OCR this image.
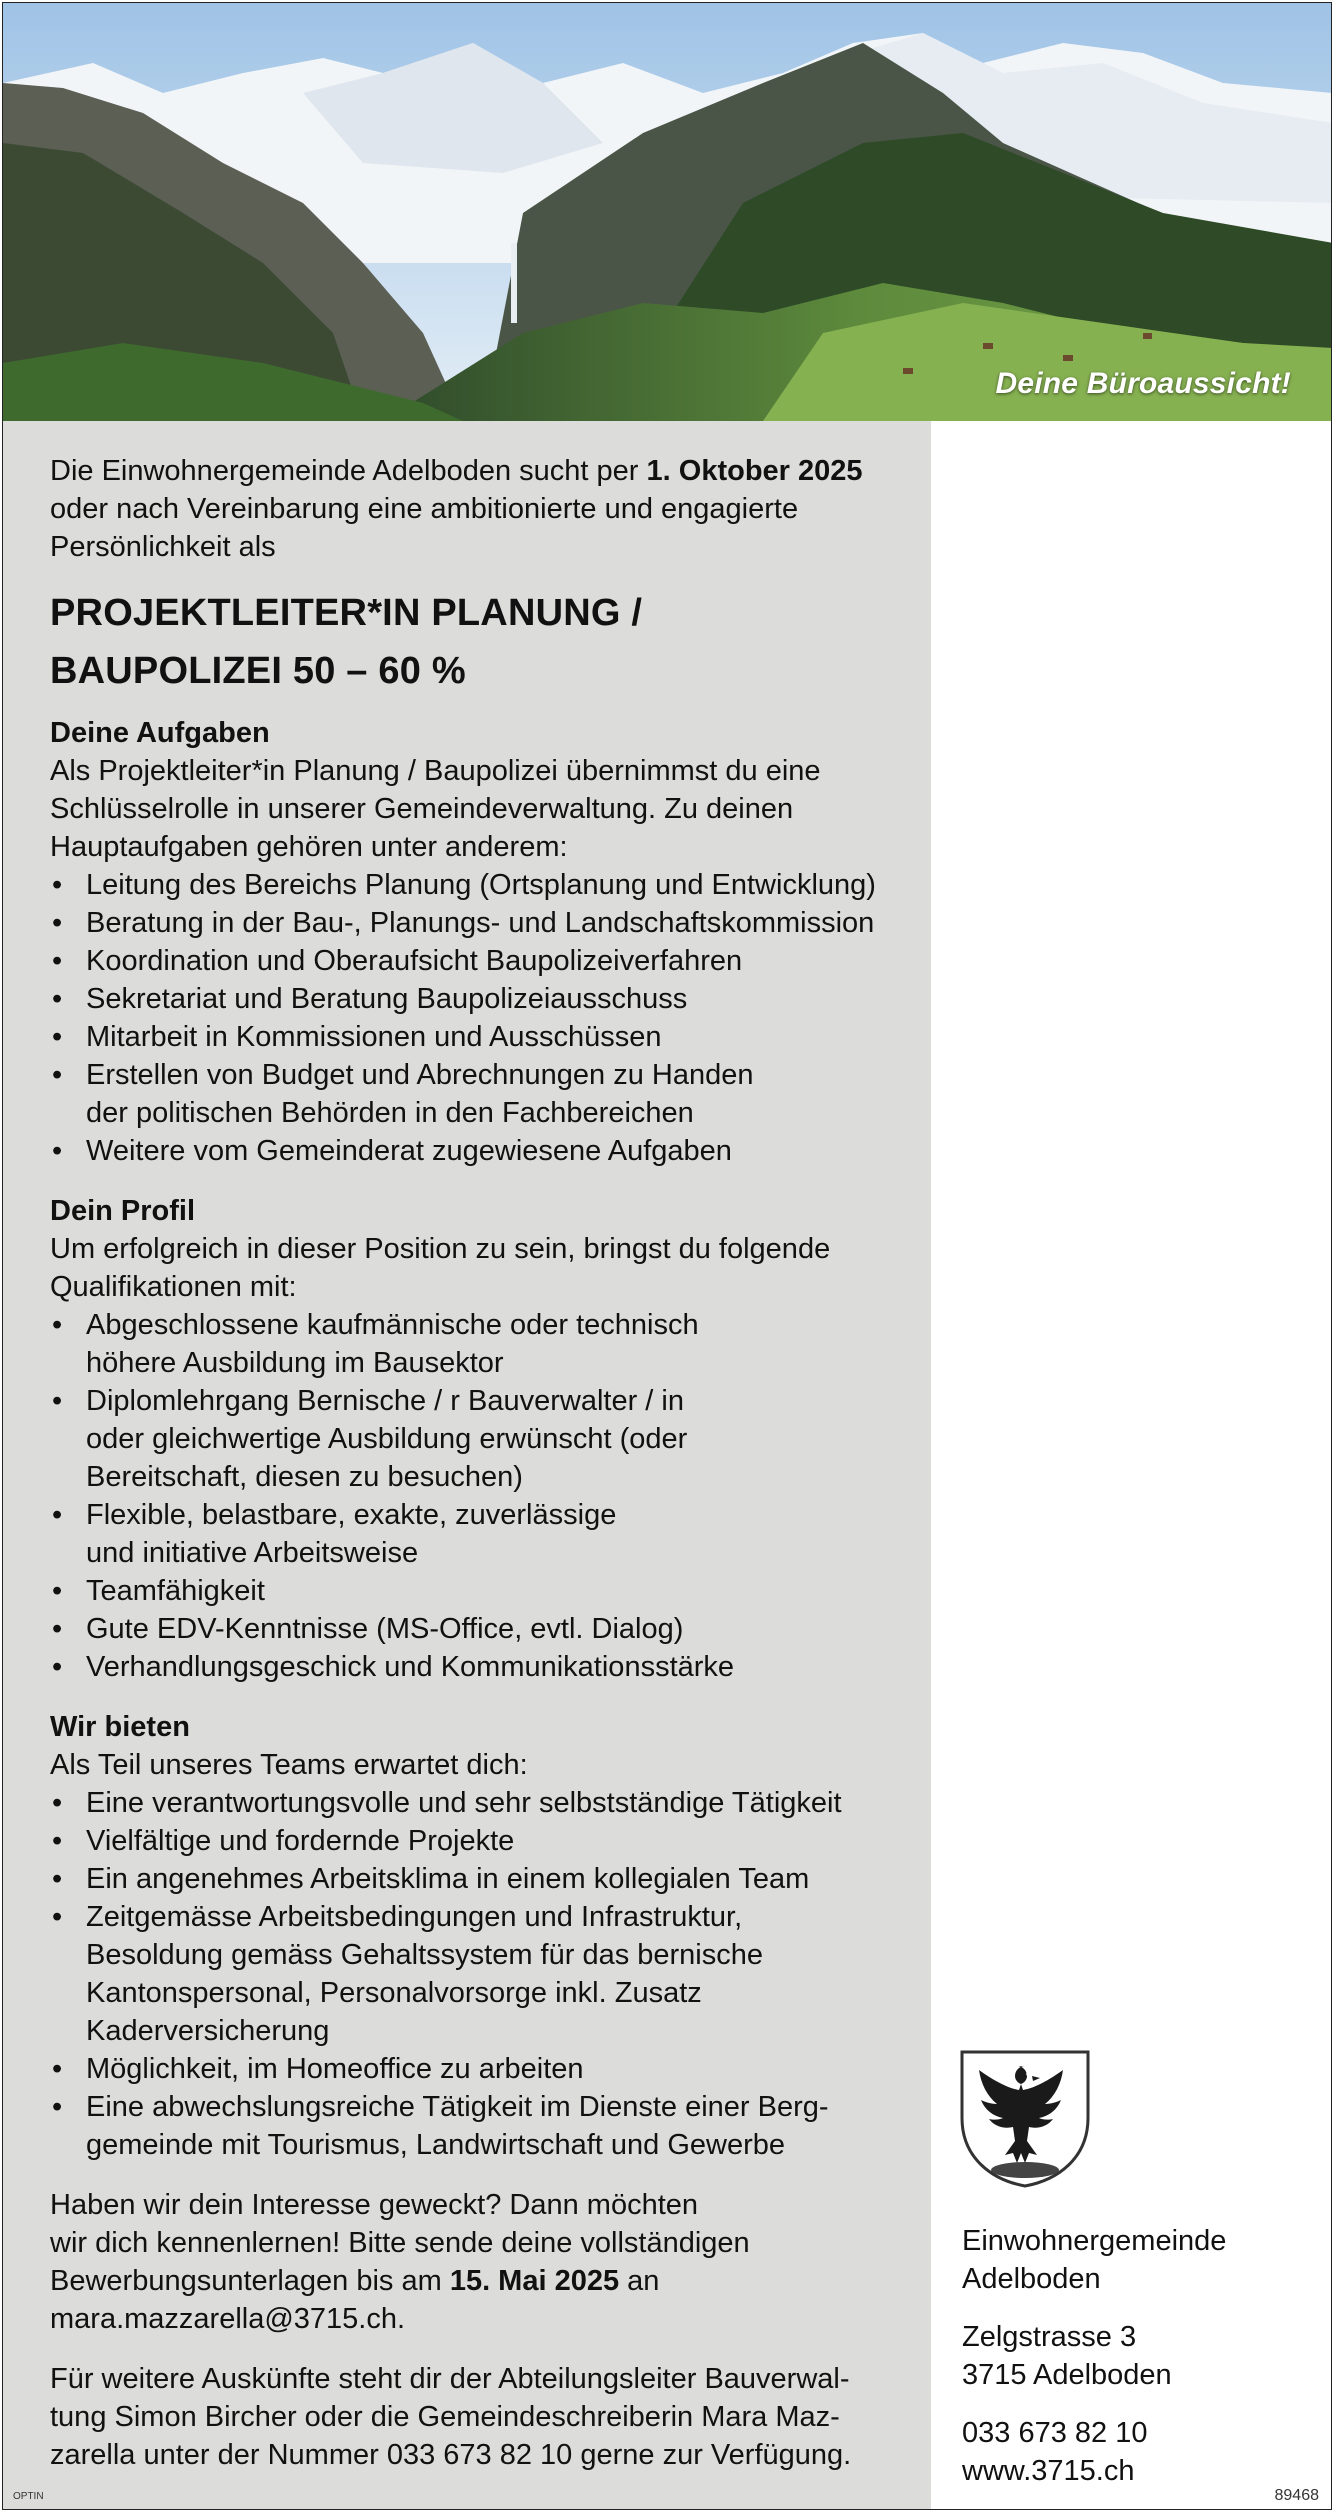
Deine Büroaussicht!
OPTIN	89468

Die Einwohnergemeinde Adelboden sucht per 1. Oktober 2025
oder nach Vereinbarung eine ambitionierte und engagierte
Persönlichkeit als

PROJEKTLEITER*IN PLANUNG /
BAUPOLIZEI 50 – 60 %

Deine Aufgaben

Als Projektleiter*in Planung / Baupolizei übernimmst du eine
Schlüsselrolle in unserer Gemeindeverwaltung. Zu deinen
Hauptaufgaben gehören unter anderem:
• Leitung des Bereichs Planung (Ortsplanung und Entwicklung)
• Beratung in der Bau-, Planungs- und Landschaftskommission
• Koordination und Oberaufsicht Baupolizeiverfahren
• Sekretariat und Beratung Baupolizeiausschuss
• Mitarbeit in Kommissionen und Ausschüssen
• Erstellen von Budget und Abrechnungen zu Handen
der politischen Behörden in den Fachbereichen
• Weitere vom Gemeinderat zugewiesene Aufgaben

Dein Profil

Um erfolgreich in dieser Position zu sein, bringst du folgende
Qualifikationen mit:
• Abgeschlossene kaufmännische oder technisch
höhere Ausbildung im Bausektor
• Diplomlehrgang Bernische / r Bauverwalter / in
oder gleichwertige Ausbildung erwünscht (oder
Bereitschaft, diesen zu besuchen)
• Flexible, belastbare, exakte, zuverlässige
und initiative Arbeitsweise
• Teamfähigkeit
• Gute EDV-Kenntnisse (MS-Office, evtl. Dialog)
• Verhandlungsgeschick und Kommunikationsstärke

Wir bieten

Als Teil unseres Teams erwartet dich:
• Eine verantwortungsvolle und sehr selbstständige Tätigkeit
• Vielfältige und fordernde Projekte
• Ein angenehmes Arbeitsklima in einem kollegialen Team
• Zeitgemässe Arbeitsbedingungen und Infrastruktur,
Besoldung gemäss Gehaltssystem für das bernische
Kantonspersonal, Personalvorsorge inkl. Zusatz
Kaderversicherung
• Möglichkeit, im Homeoffice zu arbeiten
• Eine abwechslungsreiche Tätigkeit im Dienste einer Berg-
gemeinde mit Tourismus, Landwirtschaft und Gewerbe

Haben wir dein Interesse geweckt? Dann möchten
wir dich kennenlernen! Bitte sende deine vollständigen
Bewerbungsunterlagen bis am 15. Mai 2025 an
mara.mazzarella@3715.ch.

Für weitere Auskünfte steht dir der Abteilungsleiter Bauverwal-
tung Simon Bircher oder die Gemeindeschreiberin Mara Maz-
zarella unter der Nummer 033 673 82 10 gerne zur Verfügung.

Einwohnergemeinde
Adelboden
Zelgstrasse 3
3715 Adelboden
033 673 82 10
www.3715.ch
